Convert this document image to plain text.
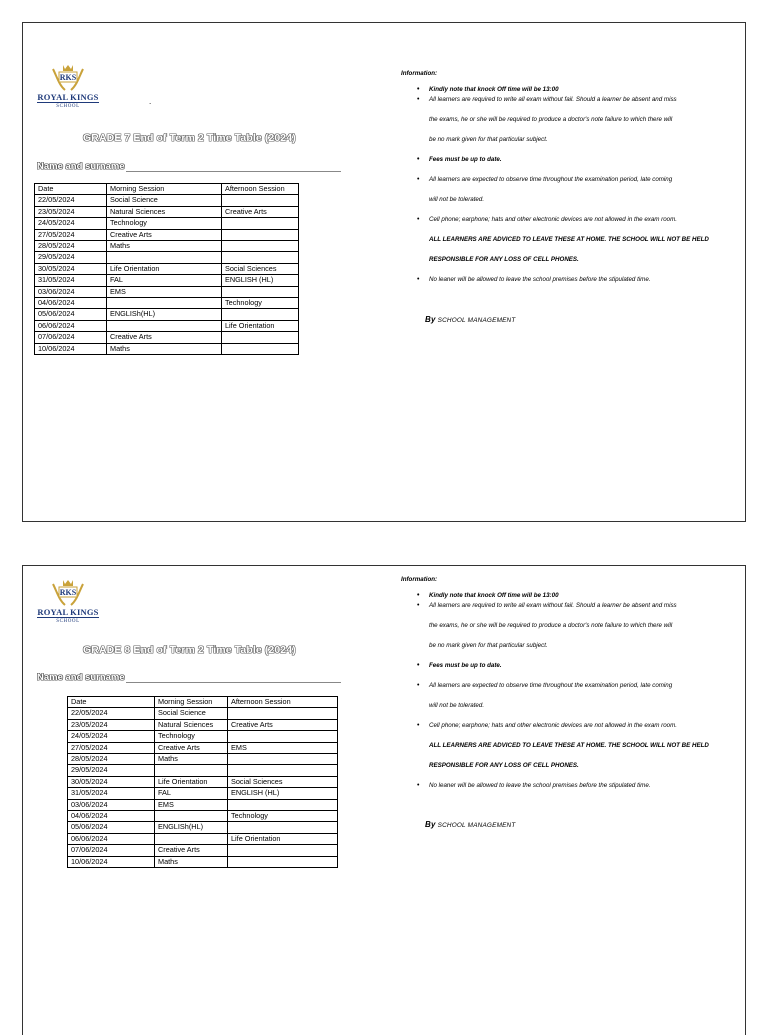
RKS
ROYAL KINGS
SCHOOL
.
GRADE 7 End of Term 2 Time Table (2024)
Name and surname
Date	Morning Session	Afternoon Session
22/05/2024	Social Science	
23/05/2024	Natural Sciences	Creative Arts
24/05/2024	Technology	
27/05/2024	Creative Arts	
28/05/2024	Maths	
29/05/2024		
30/05/2024	Life Orientation	Social Sciences
31/05/2024	FAL	ENGLISH (HL)
03/06/2024	EMS	
04/06/2024		Technology
05/06/2024	ENGLISh(HL)	
06/06/2024		Life Orientation
07/06/2024	Creative Arts	
10/06/2024	Maths	
Information:
• Kindly note that knock Off time will be 13:00
• All learners are required to write all exam without fail. Should a learner be absent and miss
the exams, he or she will be required to produce a doctor's note failure to which there will
be no mark given for that particular subject.
• Fees must be up to date.
• All learners are expected to observe time throughout the examination period, late coming
will not be tolerated.
• Cell phone; earphone; hats and other electronic devices are not allowed in the exam room.
ALL LEARNERS ARE ADVICED TO LEAVE THESE AT HOME. THE SCHOOL WILL NOT BE HELD
RESPONSIBLE FOR ANY LOSS OF CELL PHONES.
• No leaner will be allowed to leave the school premises before the stipulated time.
By SCHOOL MANAGEMENT
RKS
ROYAL KINGS
SCHOOL
GRADE 8 End of Term 2 Time Table (2024)
Name and surname
Date	Morning Session	Afternoon Session
22/05/2024	Social Science	
23/05/2024	Natural Sciences	Creative Arts
24/05/2024	Technology	
27/05/2024	Creative Arts	EMS
28/05/2024	Maths	
29/05/2024		
30/05/2024	Life Orientation	Social Sciences
31/05/2024	FAL	ENGLISH (HL)
03/06/2024	EMS	
04/06/2024		Technology
05/06/2024	ENGLISh(HL)	
06/06/2024		Life Orientation
07/06/2024	Creative Arts	
10/06/2024	Maths	
Information:
• Kindly note that knock Off time will be 13:00
• All learners are required to write all exam without fail. Should a learner be absent and miss
the exams, he or she will be required to produce a doctor's note failure to which there will
be no mark given for that particular subject.
• Fees must be up to date.
• All learners are expected to observe time throughout the examination period, late coming
will not be tolerated.
• Cell phone; earphone; hats and other electronic devices are not allowed in the exam room.
ALL LEARNERS ARE ADVICED TO LEAVE THESE AT HOME. THE SCHOOL WILL NOT BE HELD
RESPONSIBLE FOR ANY LOSS OF CELL PHONES.
• No leaner will be allowed to leave the school premises before the stipulated time.
By SCHOOL MANAGEMENT
